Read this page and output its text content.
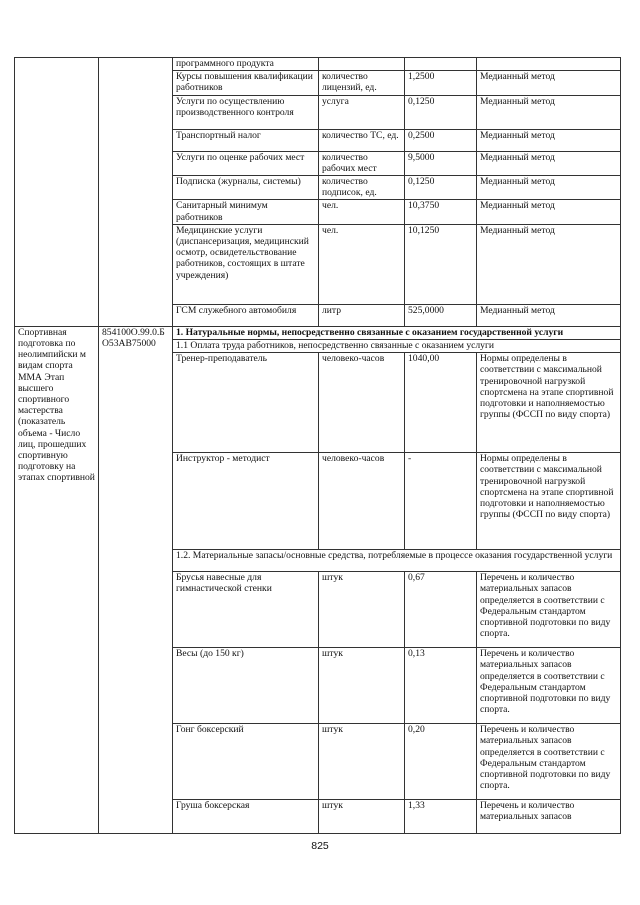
		программного продукта			
		Курсы повышения квалификации работников	количество лицензий, ед.	1,2500	Медианный метод
		Услуги по осуществлению производственного контроля	услуга	0,1250	Медианный метод
		Транспортный налог	количество ТС, ед.	0,2500	Медианный метод
		Услуги по оценке рабочих мест	количество рабочих мест	9,5000	Медианный метод
		Подписка (журналы, системы)	количество подписок, ед.	0,1250	Медианный метод
		Санитарный минимум работников	чел.	10,3750	Медианный метод
		Медицинские услуги (диспансеризация, медицинский осмотр, освидетельствование работников, состоящих в штате учреждения)	чел.	10,1250	Медианный метод
		ГСМ служебного автомобиля	литр	525,0000	Медианный метод
Спортивная подготовка по неолимпийски м видам спорта ММА Этап высшего спортивного мастерства (показатель объема - Число лиц, прошедших спортивную подготовку на этапах спортивной	854100О.99.0.БО53АВ75000	1. Натуральные нормы, непосредственно связанные с оказанием государственной услуги			
		1.1 Оплата труда работников, непосредственно связанные с оказанием услуги			
		Тренер-преподаватель	человеко-часов	1040,00	Нормы определены в соответствии с максимальной тренировочной нагрузкой спортсмена на этапе спортивной подготовки и наполняемостью группы (ФССП по виду спорта)
		Инструктор - методист	человеко-часов	-	Нормы определены в соответствии с максимальной тренировочной нагрузкой спортсмена на этапе спортивной подготовки и наполняемостью группы (ФССП по виду спорта)
		1.2. Материальные запасы/основные средства, потребляемые в процессе оказания государственной услуги			
		Брусья навесные для гимнастической стенки	штук	0,67	Перечень и количество материальных запасов определяется в соответствии с Федеральным стандартом спортивной подготовки по виду спорта.
		Весы (до 150 кг)	штук	0,13	Перечень и количество материальных запасов определяется в соответствии с Федеральным стандартом спортивной подготовки по виду спорта.
		Гонг боксерский	штук	0,20	Перечень и количество материальных запасов определяется в соответствии с Федеральным стандартом спортивной подготовки по виду спорта.
		Груша боксерская	штук	1,33	Перечень и количество материальных запасов
825
